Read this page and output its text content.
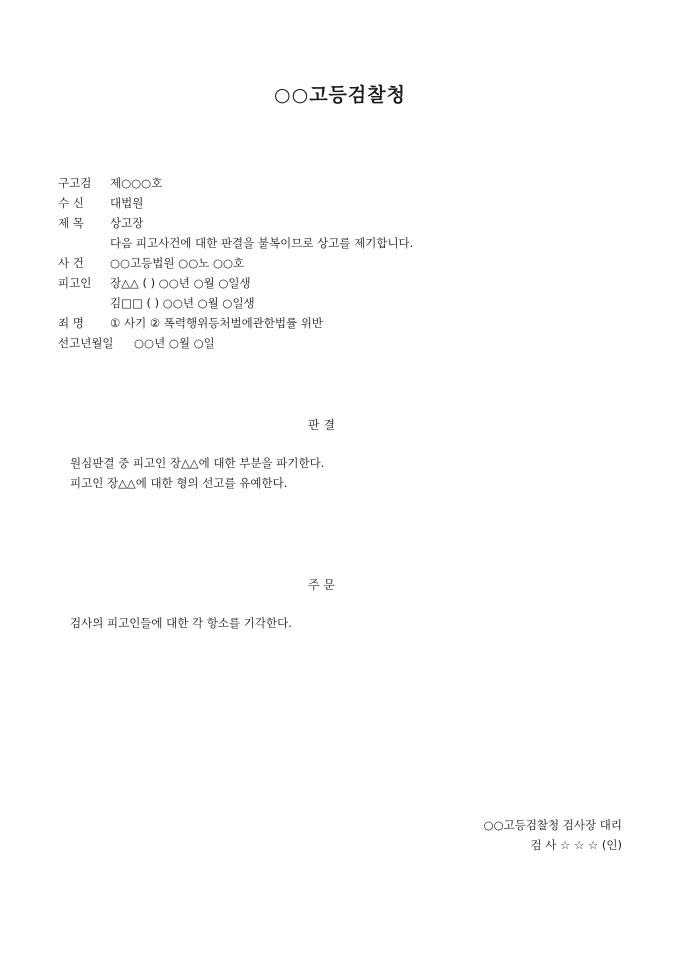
○○고등검찰청
구고검 제○○○호
수 신 대법원
제 목 상고장
다음 피고사건에 대한 판결을 불복이므로 상고를 제기합니다.
사 건 ○○고등법원 ○○노 ○○호
피고인 장△△ ( ) ○○년 ○월 ○일생
김□□ ( ) ○○년 ○월 ○일생
죄 명 ① 사기 ② 폭력행위등처벌에관한법률 위반
선고년월일 ○○년 ○월 ○일
판 결
원심판결 중 피고인 장△△에 대한 부분을 파기한다.
피고인 장△△에 대한 형의 선고를 유예한다.
주 문
검사의 피고인들에 대한 각 항소를 기각한다.
○○고등검찰청 검사장 대리
검 사 ☆ ☆ ☆ (인)
